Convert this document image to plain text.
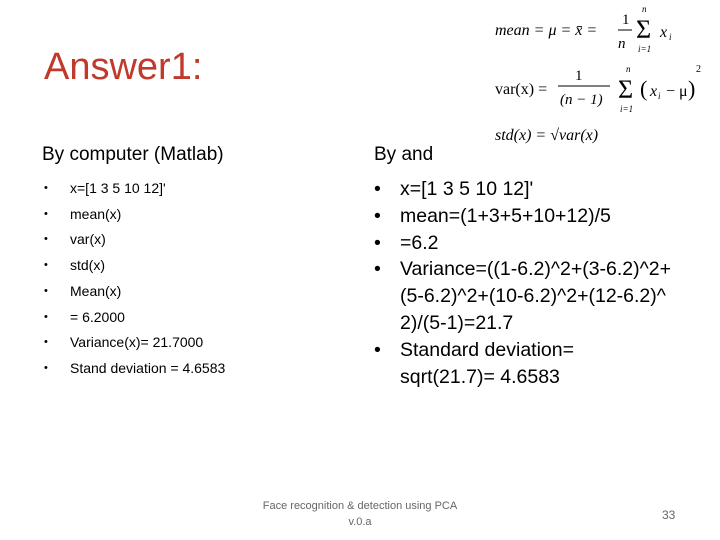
Answer1:
mean = μ = x̄ =
1
n
n
Σ
i=1
x i
var(x) =
1
(n − 1)
n
Σ
i=1
( x i − μ )
2
std(x) = √var(x)
By computer (Matlab)	By and
• x=[1 3 5 10 12]'
• mean(x)
• var(x)
• std(x)
• Mean(x)
• = 6.2000
• Variance(x)= 21.7000
• Stand deviation = 4.6583
• x=[1 3 5 10 12]'
• mean=(1+3+5+10+12)/5
• =6.2
• Variance=((1-6.2)^2+(3-6.2)^2+(5-6.2)^2+(10-6.2)^2+(12-6.2)^2)/(5-1)=21.7
• Standard deviation= sqrt(21.7)= 4.6583
Face recognition & detection using PCA
v.0.a	33
